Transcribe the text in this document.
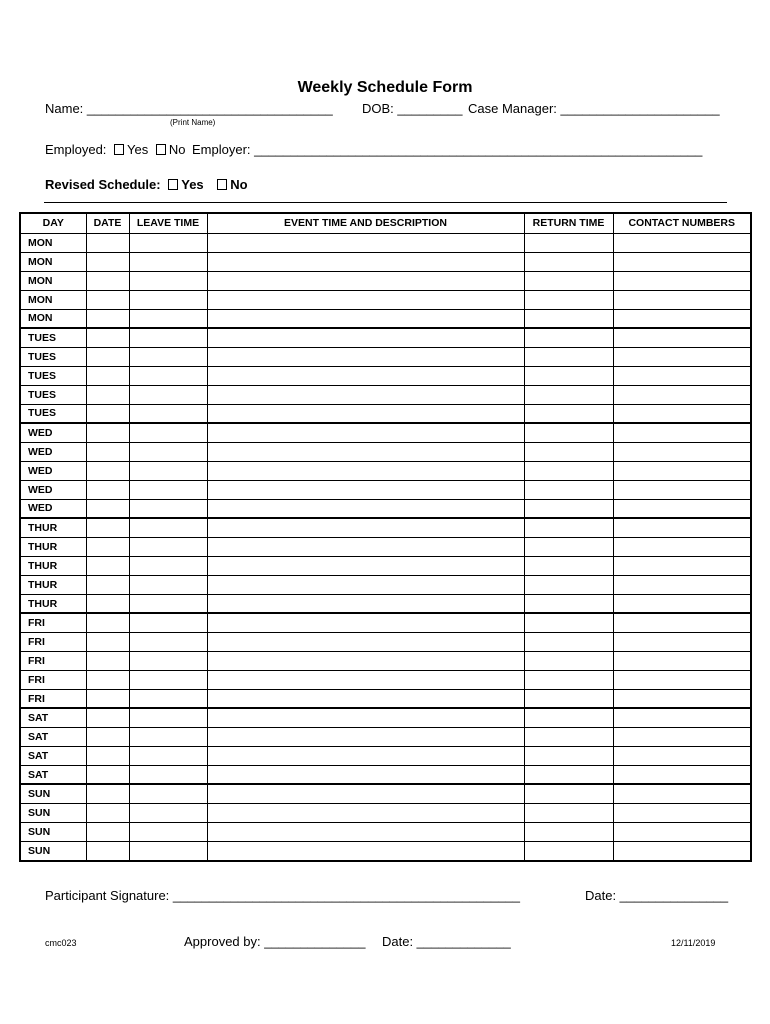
Weekly Schedule Form
Name: __________________________________
(Print Name)
DOB: _________ Case Manager: ______________________
Employed: Yes No Employer: ______________________________________________________________
Revised Schedule: Yes No
DAY	DATE	LEAVE TIME	EVENT TIME AND DESCRIPTION	RETURN TIME	CONTACT NUMBERS
MON					
MON					
MON					
MON					
MON					
TUES					
TUES					
TUES					
TUES					
TUES					
WED					
WED					
WED					
WED					
WED					
THUR					
THUR					
THUR					
THUR					
THUR					
FRI					
FRI					
FRI					
FRI					
FRI					
SAT					
SAT					
SAT					
SAT					
SUN					
SUN					
SUN					
SUN					
Participant Signature: ________________________________________________	Date: _______________
cmc023	Approved by: ______________ Date: _____________	12/11/2019
